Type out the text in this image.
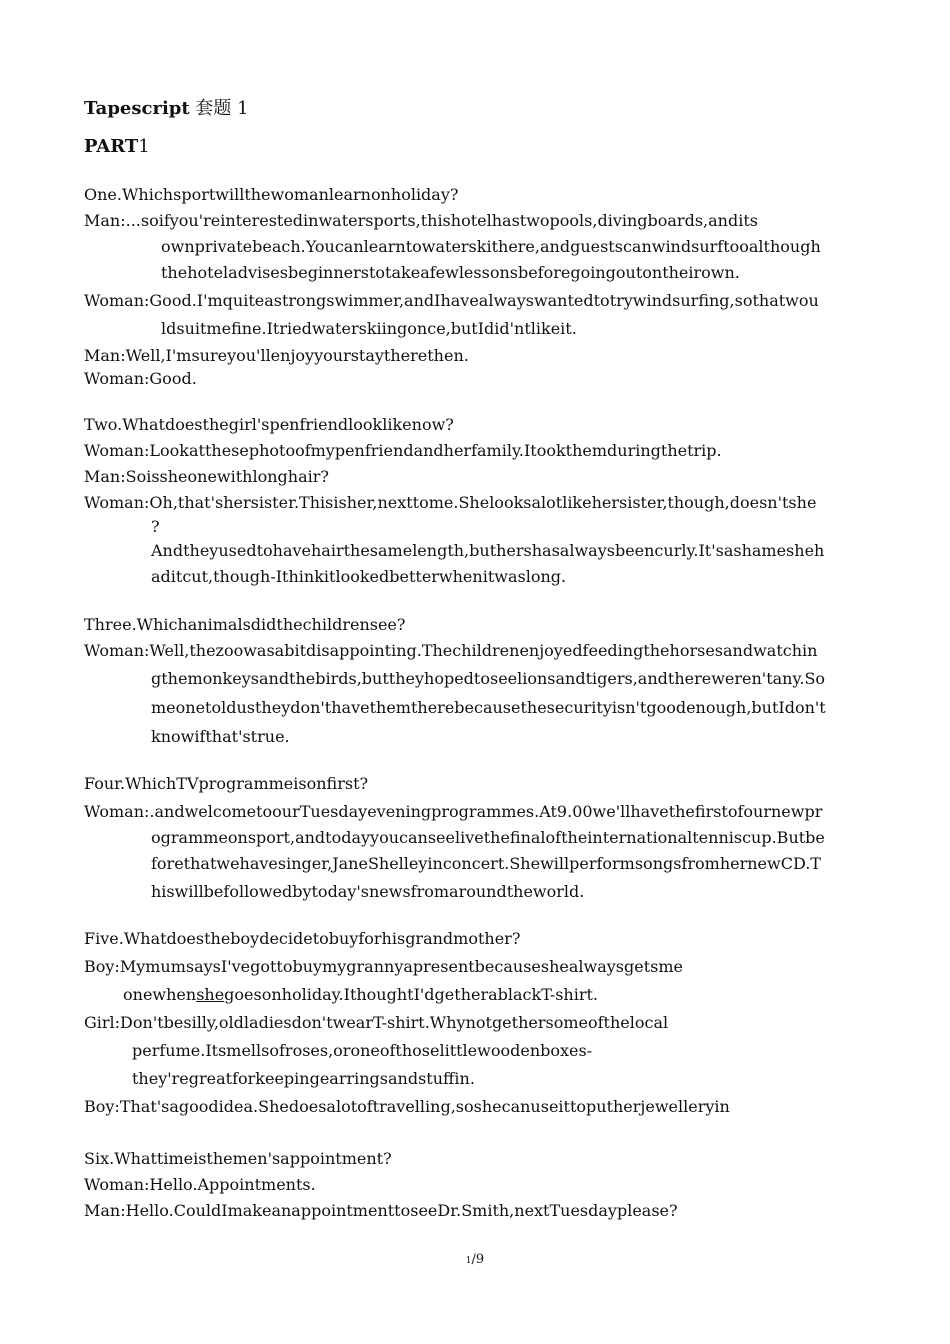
Tapescript 套题 1
PART1
One.Whichsportwillthewomanlearnonholiday?
Man:...soifyou'reinterestedinwatersports,thishotelhastwopools,divingboards,andits
ownprivatebeach.Youcanlearntowaterskithere,andguestscanwindsurftooalthough
thehoteladvisesbeginnerstotakeafewlessonsbeforegoingoutontheirown.
Woman:Good.I'mquiteastrongswimmer,andIhavealwayswantedtotrywindsurfing,sothatwou
ldsuitmefine.Itriedwaterskiingonce,butIdid'ntlikeit.
Man:Well,I'msureyou'llenjoyyourstaytherethen.
Woman:Good.
Two.Whatdoesthegirl'spenfriendlooklikenow?
Woman:Lookatthesephotoofmypenfriendandherfamily.Itookthemduringthetrip.
Man:Soissheonewithlonghair?
Woman:Oh,that'shersister.Thisisher,nexttome.Shelooksalotlikehersister,though,doesn'tshe
?
Andtheyusedtohavehairthesamelength,buthershasalwaysbeencurly.It'sashamesheh
aditcut,though-Ithinkitlookedbetterwhenitwaslong.
Three.Whichanimalsdidthechildrensee?
Woman:Well,thezoowasabitdisappointing.Thechildrenenjoyedfeedingthehorsesandwatchin
gthemonkeysandthebirds,buttheyhopedtoseelionsandtigers,andthereweren'tany.So
meonetoldustheydon'thavethemtherebecausethesecurityisn'tgoodenough,butIdon't
knowifthat'strue.
Four.WhichTVprogrammeisonfirst?
Woman:.andwelcometoourTuesdayeveningprogrammes.At9.00we'llhavethefirstofournewpr
ogrammeonsport,andtodayyoucanseelivethefinaloftheinternationaltenniscup.Butbe
forethatwehavesinger,JaneShelleyinconcert.ShewillperformsongsfromhernewCD.T
hiswillbefollowedbytoday'snewsfromaroundtheworld.
Five.Whatdoestheboydecidetobuyforhisgrandmother?
Boy:MymumsaysI'vegottobuymygrannyapresentbecauseshealwaysgetsme
onewhenshegoesonholiday.IthoughtI'dgetherablackT-shirt.
Girl:Don'tbesilly,oldladiesdon'twearT-shirt.Whynotgethersomeofthelocal
perfume.Itsmellsofroses,oroneofthoselittlewoodenboxes-
they'regreatforkeepingearringsandstuffin.
Boy:That'sagoodidea.Shedoesalotoftravelling,soshecanuseittoputherjewelleryin
Six.Whattimeisthemen'sappointment?
Woman:Hello.Appointments.
Man:Hello.CouldImakeanappointmenttoseeDr.Smith,nextTuesdayplease?
1/9
